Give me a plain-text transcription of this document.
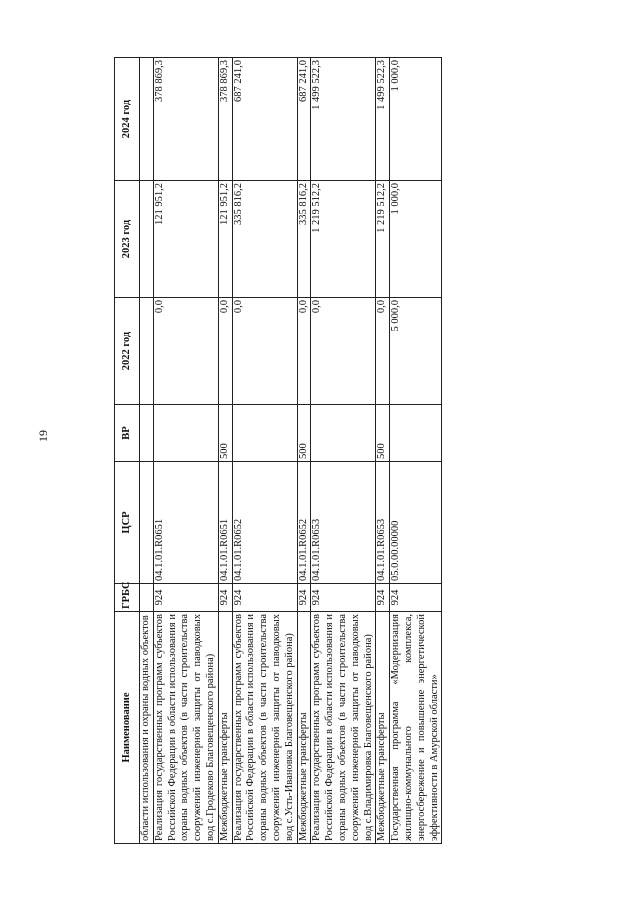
19
Наименование	ГРБС	ЦСР	ВР	2022 год	2023 год	2024 год
области использования и охраны водных объектов						
Реализация государственных программ субъектов Российской Федерации в области использования и охраны водных объектов (в части строительства сооружений инженерной защиты от паводковых вод с.Гродеково Благовещенского района)	924	04.1.01.R0651		0,0	121 951,2	378 869,3
Межбюджетные трансферты	924	04.1.01.R0651	500	0,0	121 951,2	378 869,3
Реализация государственных программ субъектов Российской Федерации в области использования и охраны водных объектов (в части строительства сооружений инженерной защиты от паводковых вод с.Усть-Ивановка Благовещенского района)	924	04.1.01.R0652		0,0	335 816,2	687 241,0
Межбюджетные трансферты	924	04.1.01.R0652	500	0,0	335 816,2	687 241,0
Реализация государственных программ субъектов Российской Федерации в области использования и охраны водных объектов (в части строительства сооружений инженерной защиты от паводковых вод с.Владимировка Благовещенского района)	924	04.1.01.R0653		0,0	1 219 512,2	1 499 522,3
Межбюджетные трансферты	924	04.1.01.R0653	500	0,0	1 219 512,2	1 499 522,3
Государственная программа «Модернизация жилищно-коммунального комплекса, энергосбережение и повышение энергетической эффективности в Амурской области»	924	05.0.00.00000		5 000,0	1 000,0	1 000,0
